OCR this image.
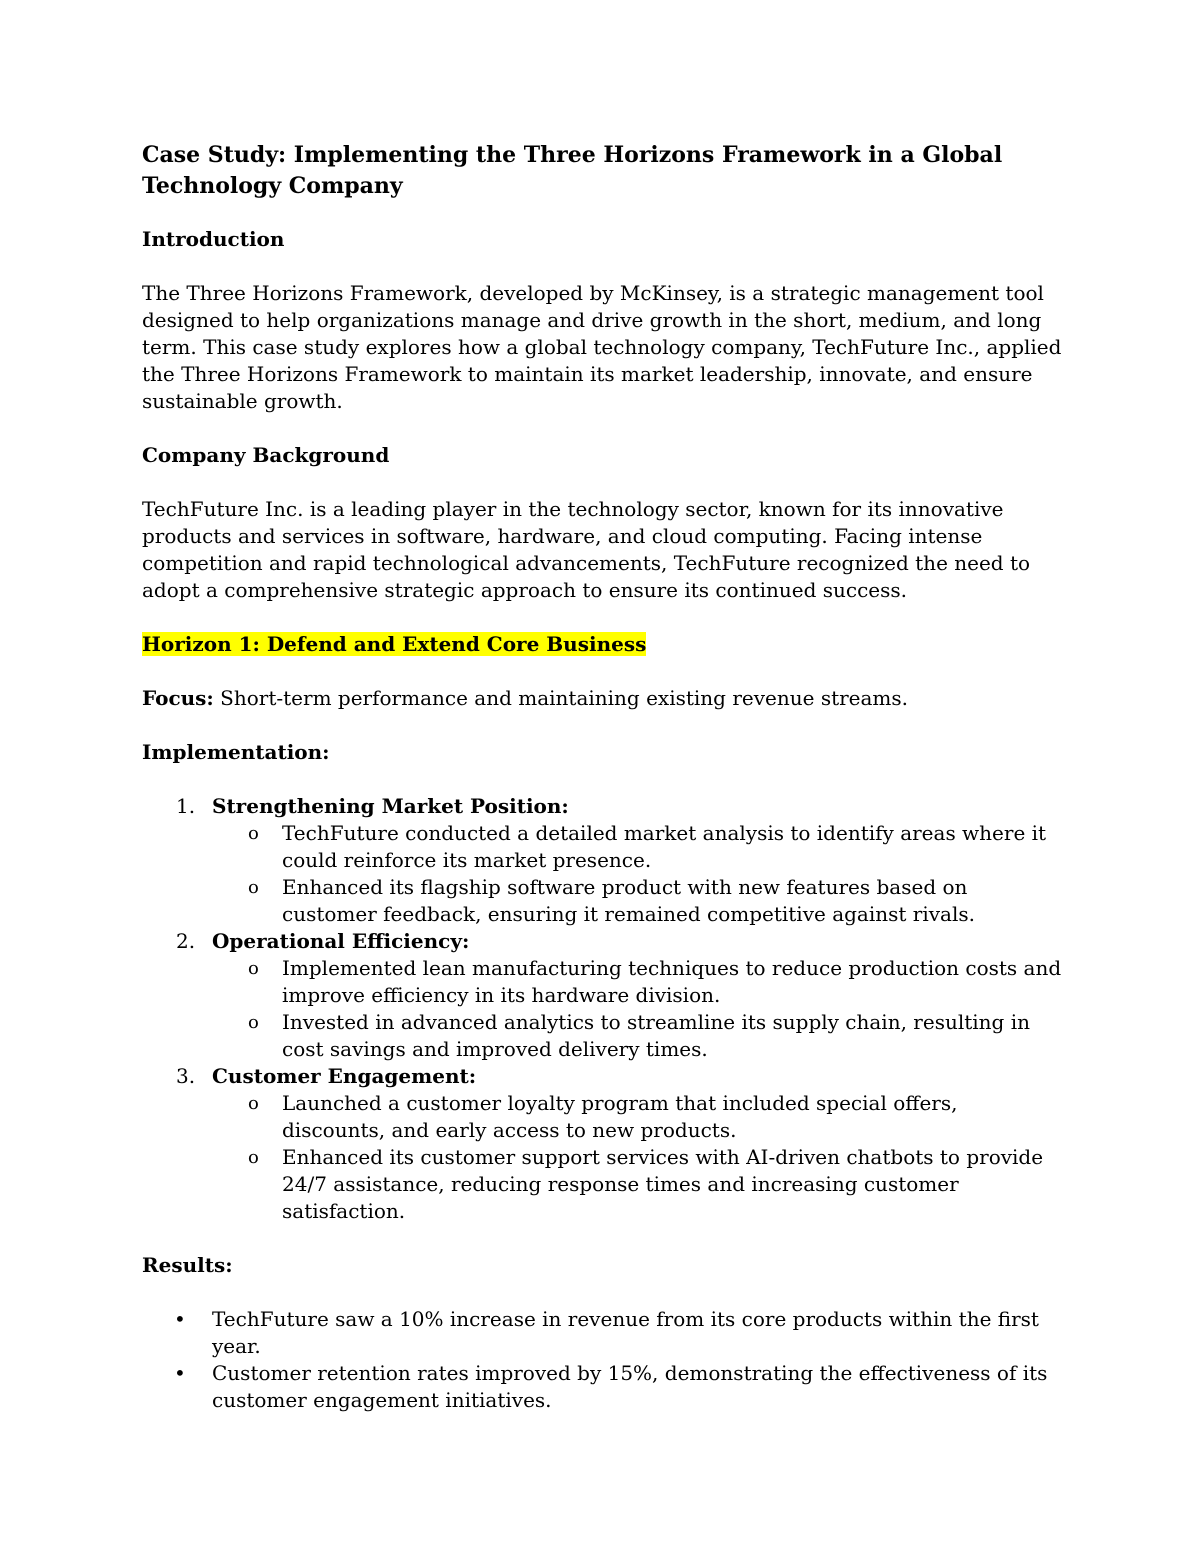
Case Study: Implementing the Three Horizons Framework in a Global Technology Company
Introduction
The Three Horizons Framework, developed by McKinsey, is a strategic management tool designed to help organizations manage and drive growth in the short, medium, and long term. This case study explores how a global technology company, TechFuture Inc., applied the Three Horizons Framework to maintain its market leadership, innovate, and ensure sustainable growth.
Company Background
TechFuture Inc. is a leading player in the technology sector, known for its innovative products and services in software, hardware, and cloud computing. Facing intense competition and rapid technological advancements, TechFuture recognized the need to adopt a comprehensive strategic approach to ensure its continued success.
Horizon 1: Defend and Extend Core Business
Focus: Short-term performance and maintaining existing revenue streams.
Implementation:
1. Strengthening Market Position:
o TechFuture conducted a detailed market analysis to identify areas where it could reinforce its market presence.
o Enhanced its flagship software product with new features based on customer feedback, ensuring it remained competitive against rivals.
2. Operational Efficiency:
o Implemented lean manufacturing techniques to reduce production costs and improve efficiency in its hardware division.
o Invested in advanced analytics to streamline its supply chain, resulting in cost savings and improved delivery times.
3. Customer Engagement:
o Launched a customer loyalty program that included special offers, discounts, and early access to new products.
o Enhanced its customer support services with AI-driven chatbots to provide 24/7 assistance, reducing response times and increasing customer satisfaction.
Results:
• TechFuture saw a 10% increase in revenue from its core products within the first year.
• Customer retention rates improved by 15%, demonstrating the effectiveness of its customer engagement initiatives.
